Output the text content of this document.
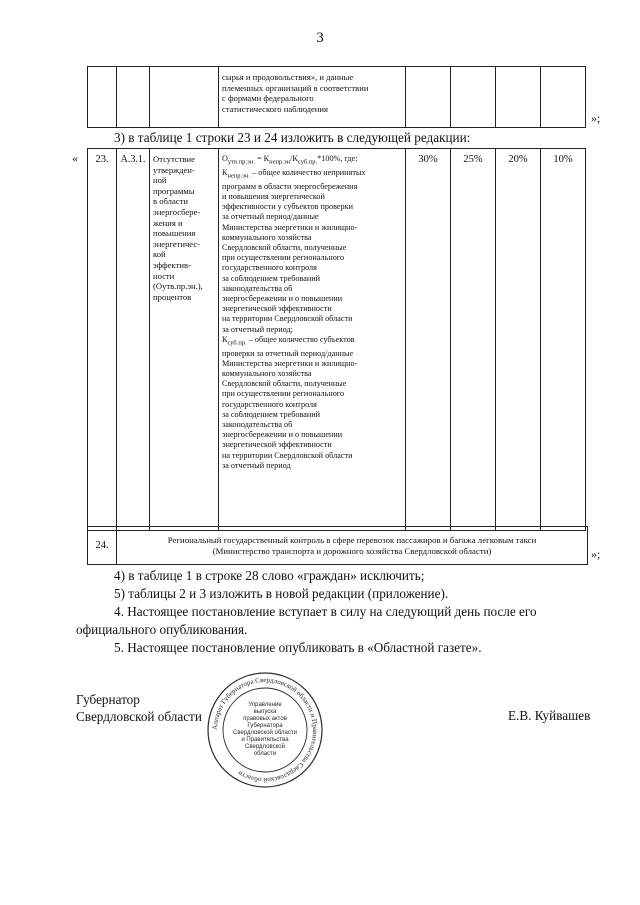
3

сырья и продовольствия», и данные
племенных организаций в соответствии
с формами федерального
статистического наблюдения

»;
3) в таблице 1 строки 23 и 24 изложить в следующей редакции:
« 23.	А.3.1.	Отсутствие
утвержден-
ной
программы
в области
энергосбере-
жения и
повышения
энергетичес-
кой
эффектив-
ности
(Оутв.пр.эн.),
процентов

$О_{утв.пр.эн.} = К_{непр.эн}/К_{суб.пр.}*100\%$, где:
$К_{непр.эн.}$ – общее количество непринятых
программ в области энергосбережения
и повышения энергетической
эффективности у субъектов проверки
за отчетный период/данные
Министерства энергетики и жилищно-
коммунального хозяйства
Свердловской области, полученные
при осуществлении регионального
государственного контроля
за соблюдением требований
законодательства об
энергосбережении и о повышении
энергетической эффективности
на территории Свердловской области
за отчетный период;
$К_{суб.пр.}$ – общее количество субъектов
проверки за отчетный период/данные
Министерства энергетики и жилищно-
коммунального хозяйства
Свердловской области, полученные
при осуществлении регионального
государственного контроля
за соблюдением требований
законодательства об
энергосбережении и о повышении
энергетической эффективности
на территории Свердловской области
за отчетный период
	30%	25%	20%	10%
24.	Региональный государственный контроль в сфере перевозок пассажиров и багажа легковым такси
(Министерство транспорта и дорожного хозяйства Свердловской области)	»;
4) в таблице 1 в строке 28 слово «граждан» исключить;
5) таблицы 2 и 3 изложить в новой редакции (приложение).
4. Настоящее постановление вступает в силу на следующий день после его
официального опубликования.
5. Настоящее постановление опубликовать в «Областной газете».
Губернатор
Свердловской области	Е.В. Куйвашев
Аппарат Губернатора Свердловской области и Правительства Свердловской области
Управление
выпуска
правовых актов
Губернатора
Свердловской области
и Правительства
Свердловской
области
